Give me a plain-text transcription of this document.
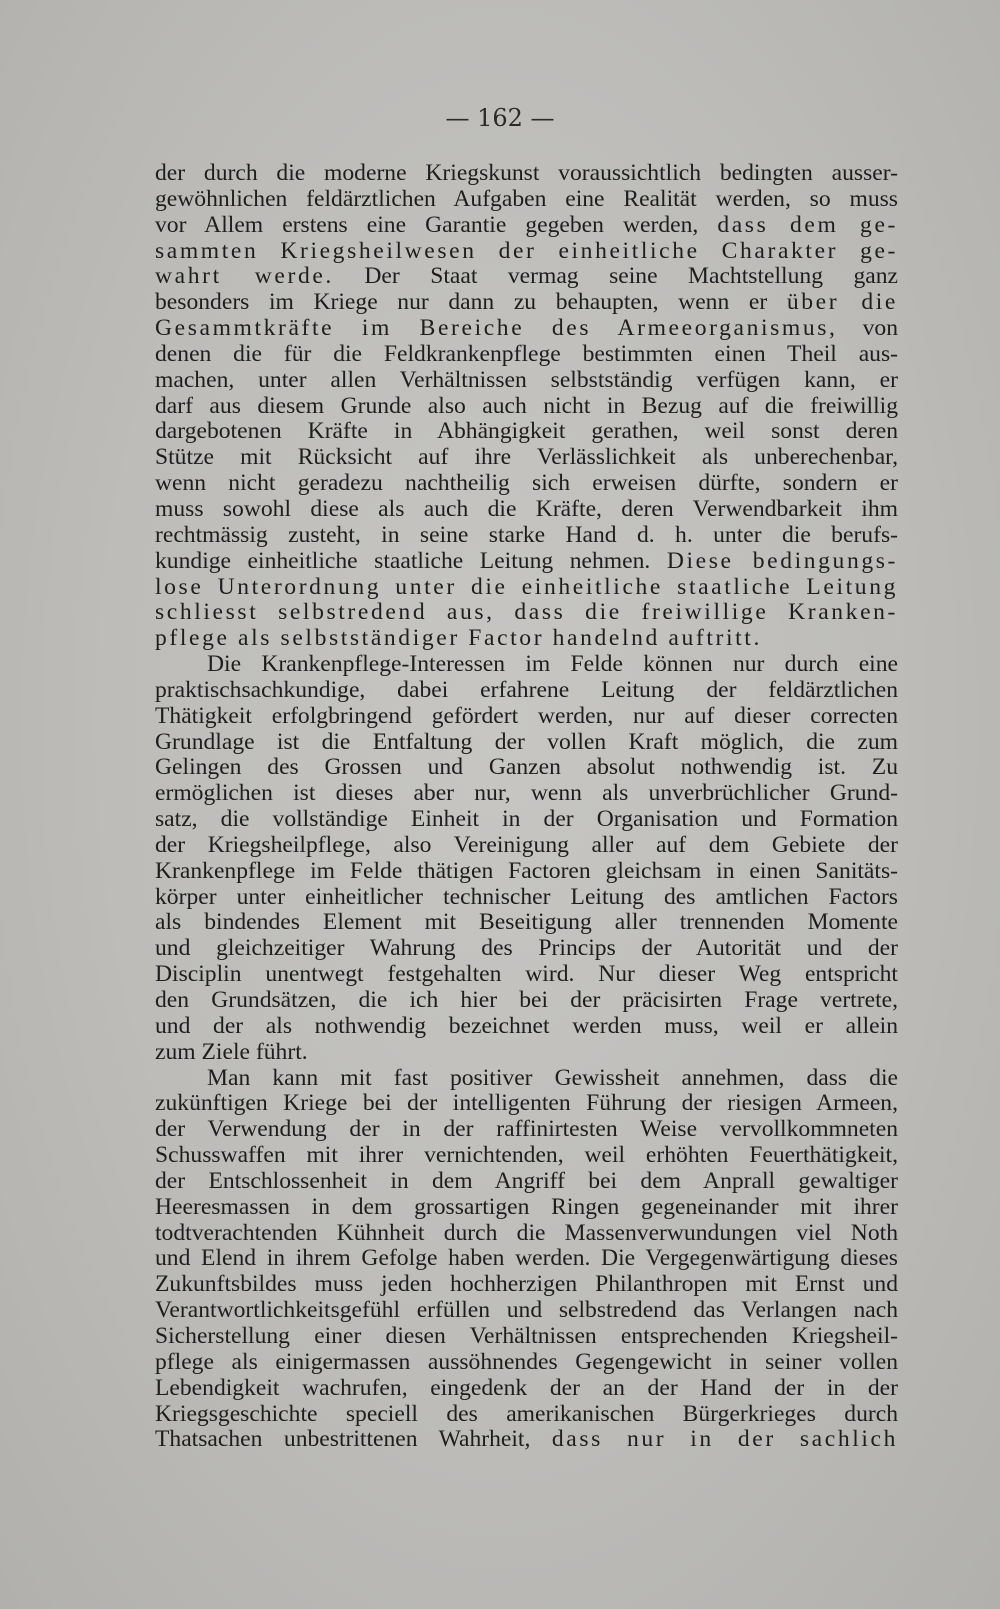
— 162 —

der durch die moderne Kriegskunst voraussichtlich bedingten ausser-
gewöhnlichen feldärztlichen Aufgaben eine Realität werden, so muss
vor Allem erstens eine Garantie gegeben werden, dass dem ge-
sammten Kriegsheilwesen der einheitliche Charakter ge-
wahrt werde. Der Staat vermag seine Machtstellung ganz
besonders im Kriege nur dann zu behaupten, wenn er über die
Gesammtkräfte im Bereiche des Armeeorganismus, von
denen die für die Feldkrankenpflege bestimmten einen Theil aus-
machen, unter allen Verhältnissen selbstständig verfügen kann, er
darf aus diesem Grunde also auch nicht in Bezug auf die freiwillig
dargebotenen Kräfte in Abhängigkeit gerathen, weil sonst deren
Stütze mit Rücksicht auf ihre Verlässlichkeit als unberechenbar,
wenn nicht geradezu nachtheilig sich erweisen dürfte, sondern er
muss sowohl diese als auch die Kräfte, deren Verwendbarkeit ihm
rechtmässig zusteht, in seine starke Hand d. h. unter die berufs-
kundige einheitliche staatliche Leitung nehmen. Diese bedingungs-
lose Unterordnung unter die einheitliche staatliche Leitung
schliesst selbstredend aus, dass die freiwillige Kranken-
pflege als selbstständiger Factor handelnd auftritt.
Die Krankenpflege-Interessen im Felde können nur durch eine
praktischsachkundige, dabei erfahrene Leitung der feldärztlichen
Thätigkeit erfolgbringend gefördert werden, nur auf dieser correcten
Grundlage ist die Entfaltung der vollen Kraft möglich, die zum
Gelingen des Grossen und Ganzen absolut nothwendig ist. Zu
ermöglichen ist dieses aber nur, wenn als unverbrüchlicher Grund-
satz, die vollständige Einheit in der Organisation und Formation
der Kriegsheilpflege, also Vereinigung aller auf dem Gebiete der
Krankenpflege im Felde thätigen Factoren gleichsam in einen Sanitäts-
körper unter einheitlicher technischer Leitung des amtlichen Factors
als bindendes Element mit Beseitigung aller trennenden Momente
und gleichzeitiger Wahrung des Princips der Autorität und der
Disciplin unentwegt festgehalten wird. Nur dieser Weg entspricht
den Grundsätzen, die ich hier bei der präcisirten Frage vertrete,
und der als nothwendig bezeichnet werden muss, weil er allein
zum Ziele führt.
Man kann mit fast positiver Gewissheit annehmen, dass die
zukünftigen Kriege bei der intelligenten Führung der riesigen Armeen,
der Verwendung der in der raffinirtesten Weise vervollkommneten
Schusswaffen mit ihrer vernichtenden, weil erhöhten Feuerthätigkeit,
der Entschlossenheit in dem Angriff bei dem Anprall gewaltiger
Heeresmassen in dem grossartigen Ringen gegeneinander mit ihrer
todtverachtenden Kühnheit durch die Massenverwundungen viel Noth
und Elend in ihrem Gefolge haben werden. Die Vergegenwärtigung dieses
Zukunftsbildes muss jeden hochherzigen Philanthropen mit Ernst und
Verantwortlichkeitsgefühl erfüllen und selbstredend das Verlangen nach
Sicherstellung einer diesen Verhältnissen entsprechenden Kriegsheil-
pflege als einigermassen aussöhnendes Gegengewicht in seiner vollen
Lebendigkeit wachrufen, eingedenk der an der Hand der in der
Kriegsgeschichte speciell des amerikanischen Bürgerkrieges durch
Thatsachen unbestrittenen Wahrheit, dass nur in der sachlich
